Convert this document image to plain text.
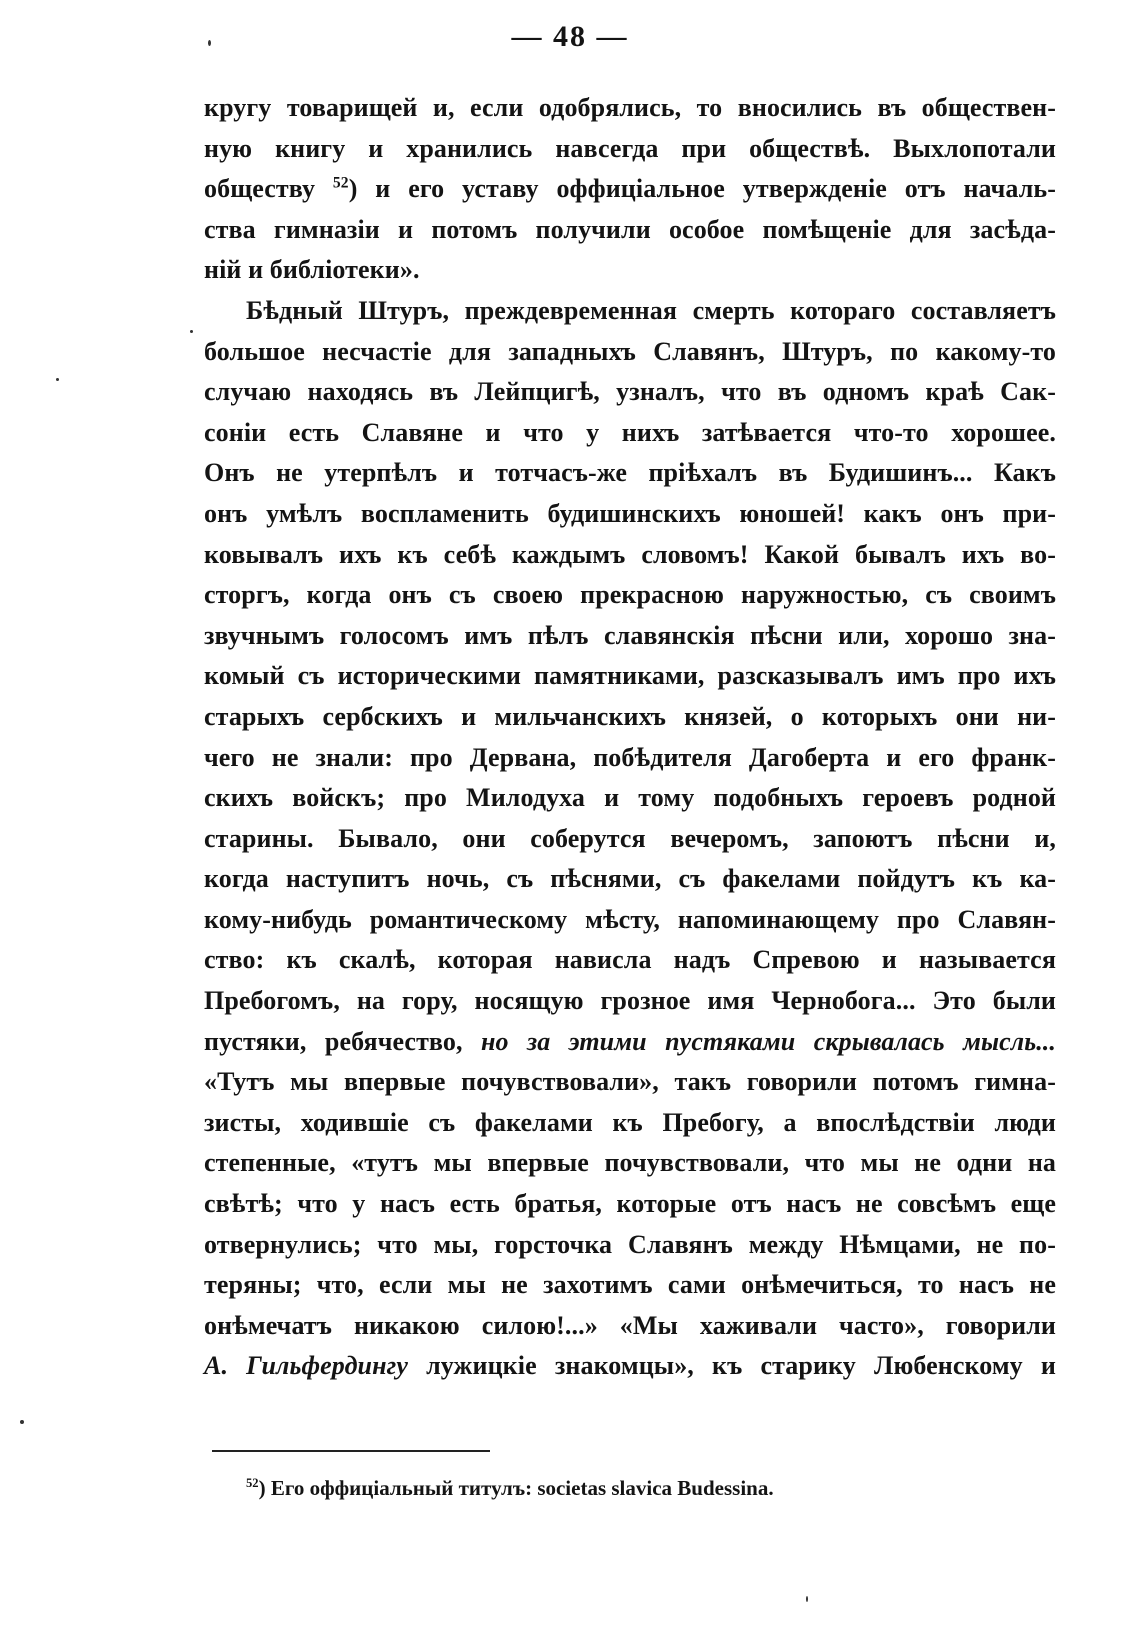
— 48 —
кругу товарищей и, если одобрялись, то вносились въ обществен-
ную книгу и хранились навсегда при обществѣ. Выхлопотали
обществу $^{52}$) и его уставу оффиціальное утвержденіе отъ началь-
ства гимназіи и потомъ получили особое помѣщеніе для засѣда-
ній и библіотеки».
Бѣдный Штуръ, преждевременная смерть котораго составляетъ
большое несчастіе для западныхъ Славянъ, Штуръ, по какому-то
случаю находясь въ Лейпцигѣ, узналъ, что въ одномъ краѣ Сак-
соніи есть Славяне и что у нихъ затѣвается что-то хорошее.
Онъ не утерпѣлъ и тотчасъ-же пріѣхалъ въ Будишинъ... Какъ
онъ умѣлъ воспламенить будишинскихъ юношей! какъ онъ при-
ковывалъ ихъ къ себѣ каждымъ словомъ! Какой бывалъ ихъ во-
сторгъ, когда онъ съ своею прекрасною наружностью, съ своимъ
звучнымъ голосомъ имъ пѣлъ славянскія пѣсни или, хорошо зна-
комый съ историческими памятниками, разсказывалъ имъ про ихъ
старыхъ сербскихъ и мильчанскихъ князей, о которыхъ они ни-
чего не знали: про Дервана, побѣдителя Дагоберта и его франк-
скихъ войскъ; про Милодуха и тому подобныхъ героевъ родной
старины. Бывало, они соберутся вечеромъ, запоютъ пѣсни и,
когда наступитъ ночь, съ пѣснями, съ факелами пойдутъ къ ка-
кому-нибудь романтическому мѣсту, напоминающему про Славян-
ство: къ скалѣ, которая нависла надъ Спревою и называется
Пребогомъ, на гору, носящую грозное имя Чернобога... Это были
пустяки, ребячество, но за этими пустяками скрывалась мысль...
«Тутъ мы впервые почувствовали», такъ говорили потомъ гимна-
зисты, ходившіе съ факелами къ Пребогу, а впослѣдствіи люди
степенные, «тутъ мы впервые почувствовали, что мы не одни на
свѣтѣ; что у насъ есть братья, которые отъ насъ не совсѣмъ еще
отвернулись; что мы, горсточка Славянъ между Нѣмцами, не по-
теряны; что, если мы не захотимъ сами онѣмечиться, то насъ не
онѣмечатъ никакою силою!...» «Мы хаживали часто», говорили
А. Гильфердингу лужицкіе знакомцы», къ старику Любенскому и
$^{52}$) Его оффиціальный титулъ: societas slavica Budessina.
